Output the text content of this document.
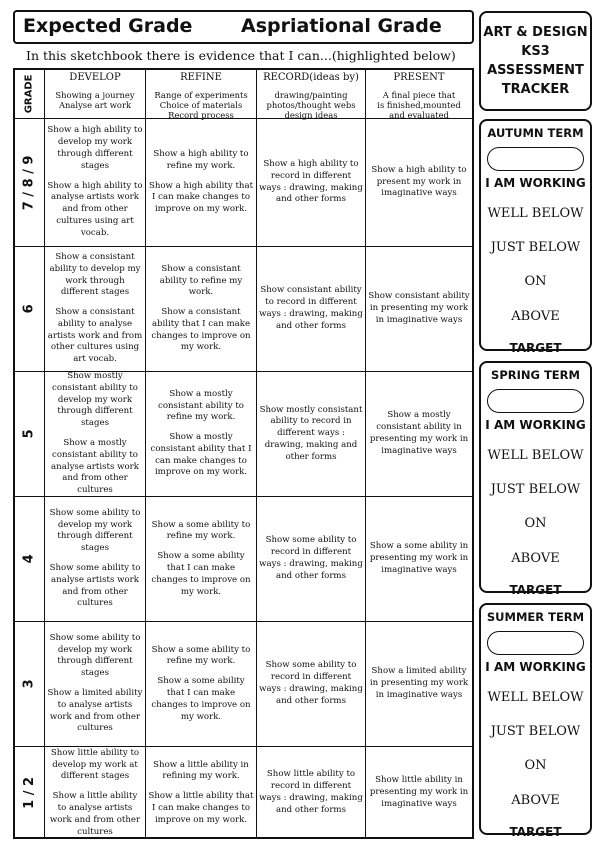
Expected Grade	Aspriational Grade
In this sketchbook there is evidence that I can...(highlighted below)
GRADE	DEVELOP
Showing a journey
Analyse art work
REFINE
Range of experiments
Choice of materials
Record process
RECORD(ideas by)
drawing/painting
photos/thought webs
design ideas
PRESENT
A final piece that
is finished,mounted
and evaluated
7 / 8 / 9

Show a high ability to develop my work through different stages

Show a high ability to analyse artists work and from other cultures using art vocab.

Show a high ability to refine my work.

Show a high ability that I can make changes to improve on my work.

Show a high ability to record in different ways : drawing, making and other forms

Show a high ability to present my work in imaginative ways

6

Show a consistant ability to develop my work through different stages

Show a consistant ability to analyse artists work and from other cultures using art vocab.

Show a consistant ability to refine my work.

Show a consistant ability that I can make changes to improve on my work.

Show consistant ability to record in different ways : drawing, making and other forms

Show consistant ability in presenting my work in imaginative ways

5

Show mostly consistant ability to develop my work through different stages

Show a mostly consistant ability to analyse artists work and from other cultures

Show a mostly consistant ability to refine my work.

Show a mostly consistant ability that I can make changes to improve on my work.

Show mostly consistant ability to record in different ways : drawing, making and other forms

Show a mostly consistant ability in presenting my work in imaginative ways

4

Show some ability to develop my work through different stages

Show some ability to analyse artists work and from other cultures

Show a some ability to refine my work.

Show a some ability that I can make changes to improve on my work.

Show some ability to record in different ways : drawing, making and other forms

Show a some ability in presenting my work in imaginative ways

3

Show some ability to develop my work through different stages

Show a limited ability to analyse artists work and from other cultures

Show a some ability to refine my work.

Show a some ability that I can make changes to improve on my work.

Show some ability to record in different ways : drawing, making and other forms

Show a limited ability in presenting my work in imaginative ways

1 / 2

Show little ability to develop my work at different stages

Show a little ability to analyse artists work and from other cultures

Show a little ability in refining my work.

Show a little ability that I can make changes to improve on my work.

Show little ability to record in different ways : drawing, making and other forms

Show little ability in presenting my work in imaginative ways

ART & DESIGN
KS3
ASSESSMENT
TRACKER
AUTUMN TERM
I AM WORKING
WELL BELOW
JUST BELOW
ON
ABOVE
TARGET
SPRING TERM
I AM WORKING
WELL BELOW
JUST BELOW
ON
ABOVE
TARGET
SUMMER TERM
I AM WORKING
WELL BELOW
JUST BELOW
ON
ABOVE
TARGET
